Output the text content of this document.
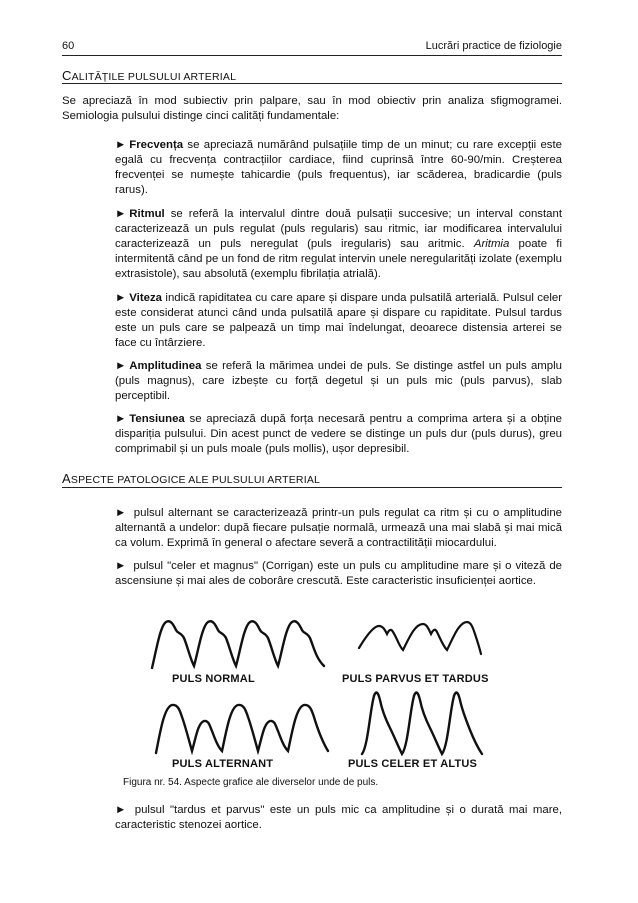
60	Lucrări practice de fiziologie
CALITĂȚILE PULSULUI ARTERIAL
Se apreciază în mod subiectiv prin palpare, sau în mod obiectiv prin analiza sfigmogramei. Semiologia pulsului distinge cinci calități fundamentale:
► Frecvența se apreciază numărând pulsațiile timp de un minut; cu rare excepții este egală cu frecvența contracțiilor cardiace, fiind cuprinsă între 60-90/min. Creșterea frecvenței se numește tahicardie (puls frequentus), iar scăderea, bradicardie (puls rarus).
► Ritmul se referă la intervalul dintre două pulsații succesive; un interval constant caracterizează un puls regulat (puls regularis) sau ritmic, iar modificarea intervalului caracterizează un puls neregulat (puls iregularis) sau aritmic. Aritmia poate fi intermitentă când pe un fond de ritm regulat intervin unele neregularități izolate (exemplu extrasistole), sau absolută (exemplu fibrilația atrială).
► Viteza indică rapiditatea cu care apare și dispare unda pulsatilă arterială. Pulsul celer este considerat atunci când unda pulsatilă apare și dispare cu rapiditate. Pulsul tardus este un puls care se palpează un timp mai îndelungat, deoarece distensia arterei se face cu întârziere.
► Amplitudinea se referă la mărimea undei de puls. Se distinge astfel un puls amplu (puls magnus), care izbește cu forță degetul și un puls mic (puls parvus), slab perceptibil.
► Tensiunea se apreciază după forța necesară pentru a comprima artera și a obține dispariția pulsului. Din acest punct de vedere se distinge un puls dur (puls durus), greu comprimabil și un puls moale (puls mollis), ușor depresibil.
ASPECTE PATOLOGICE ALE PULSULUI ARTERIAL
► pulsul alternant se caracterizează printr-un puls regulat ca ritm și cu o amplitudine alternantă a undelor: după fiecare pulsație normală, urmează una mai slabă și mai mică ca volum. Exprimă în general o afectare severă a contractilității miocardului.
► pulsul "celer et magnus" (Corrigan) este un puls cu amplitudine mare și o viteză de ascensiune și mai ales de coborâre crescută. Este caracteristic insuficienței aortice.
PULS NORMAL	PULS PARVUS ET TARDUS
PULS ALTERNANT	PULS CELER ET ALTUS
Figura nr. 54. Aspecte grafice ale diverselor unde de puls.
► pulsul "tardus et parvus" este un puls mic ca amplitudine și o durată mai mare, caracteristic stenozei aortice.
